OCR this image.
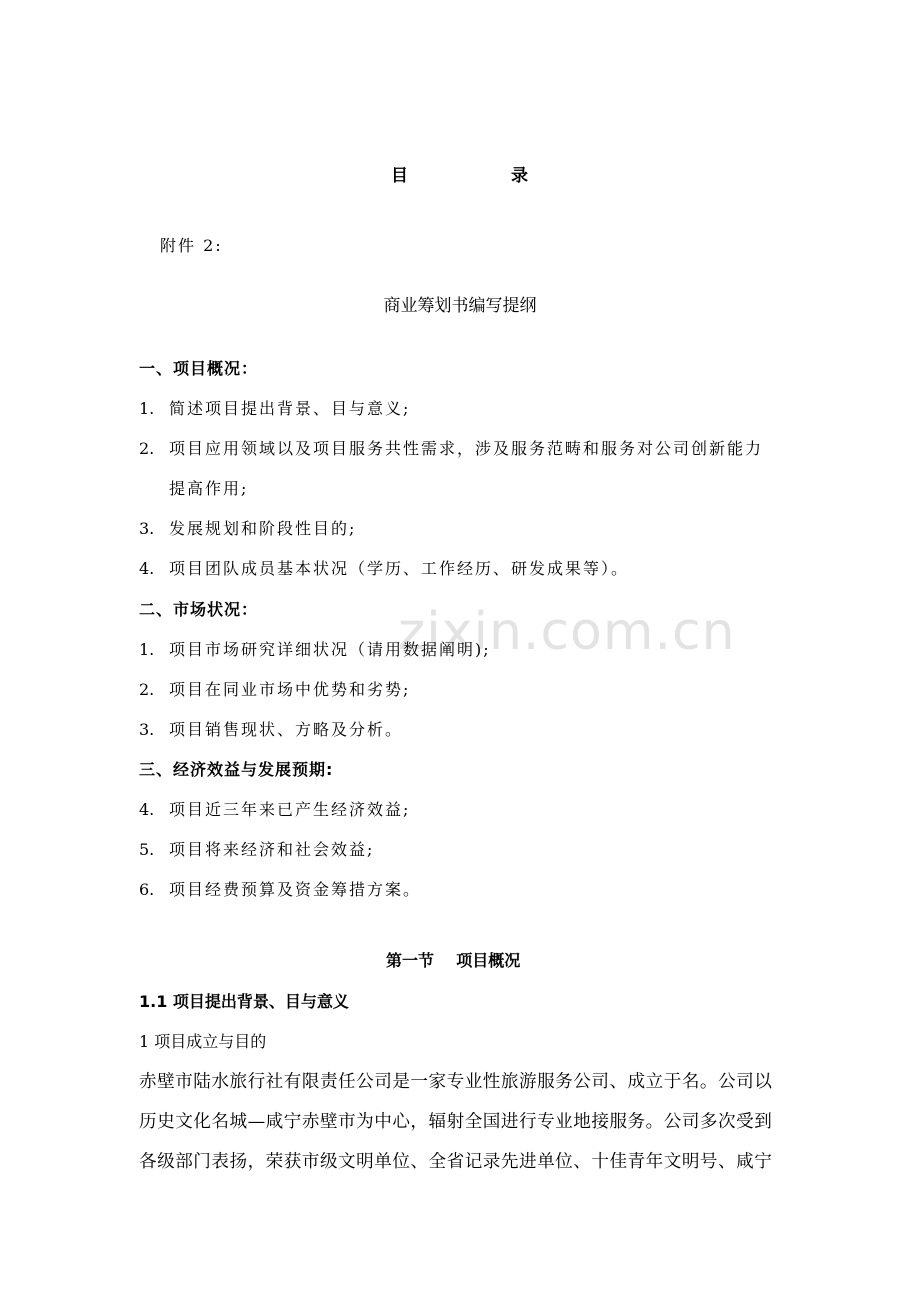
zixin.com.cn
目	录
附件 2:
商业筹划书编写提纲
一、项目概况：
1. 简述项目提出背景、目与意义;
2. 项目应用领域以及项目服务共性需求，涉及服务范畴和服务对公司创新能力
提高作用;
3. 发展规划和阶段性目的;
4. 项目团队成员基本状况（学历、工作经历、研发成果等）。
二、市场状况：
1. 项目市场研究详细状况（请用数据阐明);
2. 项目在同业市场中优势和劣势;
3. 项目销售现状、方略及分析。
三、经济效益与发展预期:
4. 项目近三年来已产生经济效益;
5. 项目将来经济和社会效益;
6. 项目经费预算及资金筹措方案。
第一节    项目概况
1.1 项目提出背景、目与意义
1 项目成立与目的
赤壁市陆水旅行社有限责任公司是一家专业性旅游服务公司、成立于名。公司以
历史文化名城—咸宁赤壁市为中心，辐射全国进行专业地接服务。公司多次受到
各级部门表扬，荣获市级文明单位、全省记录先进单位、十佳青年文明号、咸宁
